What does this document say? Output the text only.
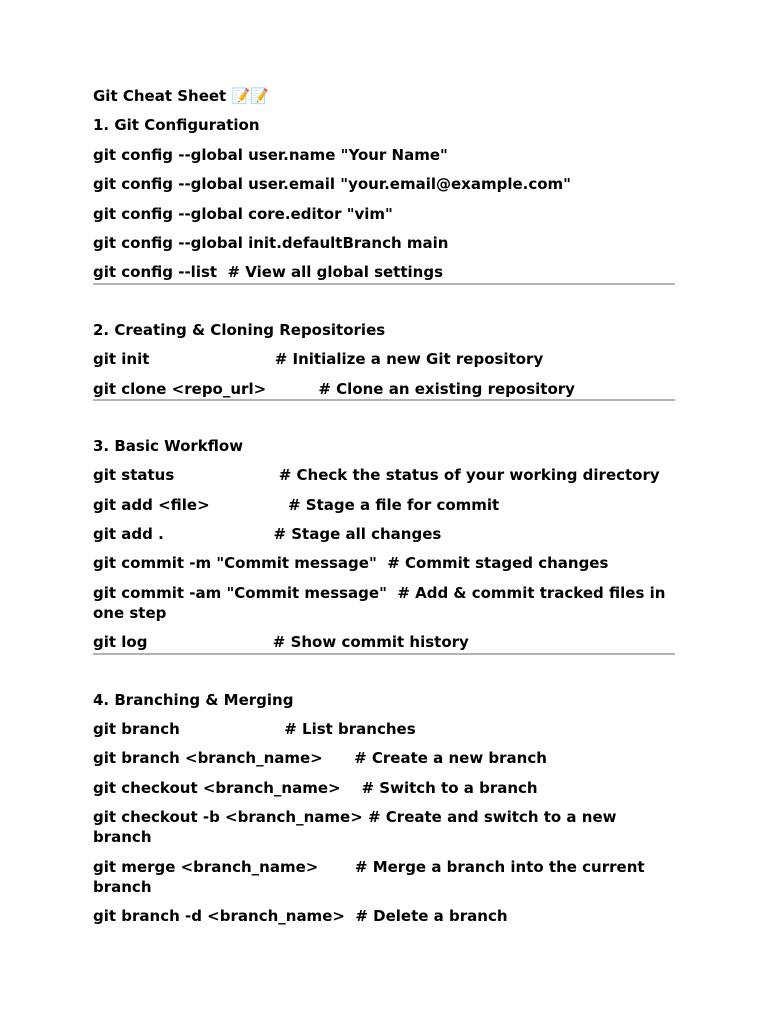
Git Cheat Sheet 📝📝
1. Git Configuration
git config --global user.name "Your Name"
git config --global user.email "your.email@example.com"
git config --global core.editor "vim"
git config --global init.defaultBranch main
git config --list  # View all global settings
2. Creating & Cloning Repositories
git init                        # Initialize a new Git repository
git clone <repo_url>          # Clone an existing repository
3. Basic Workflow
git status                    # Check the status of your working directory
git add <file>               # Stage a file for commit
git add .                     # Stage all changes
git commit -m "Commit message"  # Commit staged changes
git commit -am "Commit message"  # Add & commit tracked files in one step
git log                        # Show commit history
4. Branching & Merging
git branch                    # List branches
git branch <branch_name>      # Create a new branch
git checkout <branch_name>    # Switch to a branch
git checkout -b <branch_name> # Create and switch to a new branch
git merge <branch_name>       # Merge a branch into the current branch
git branch -d <branch_name>  # Delete a branch
